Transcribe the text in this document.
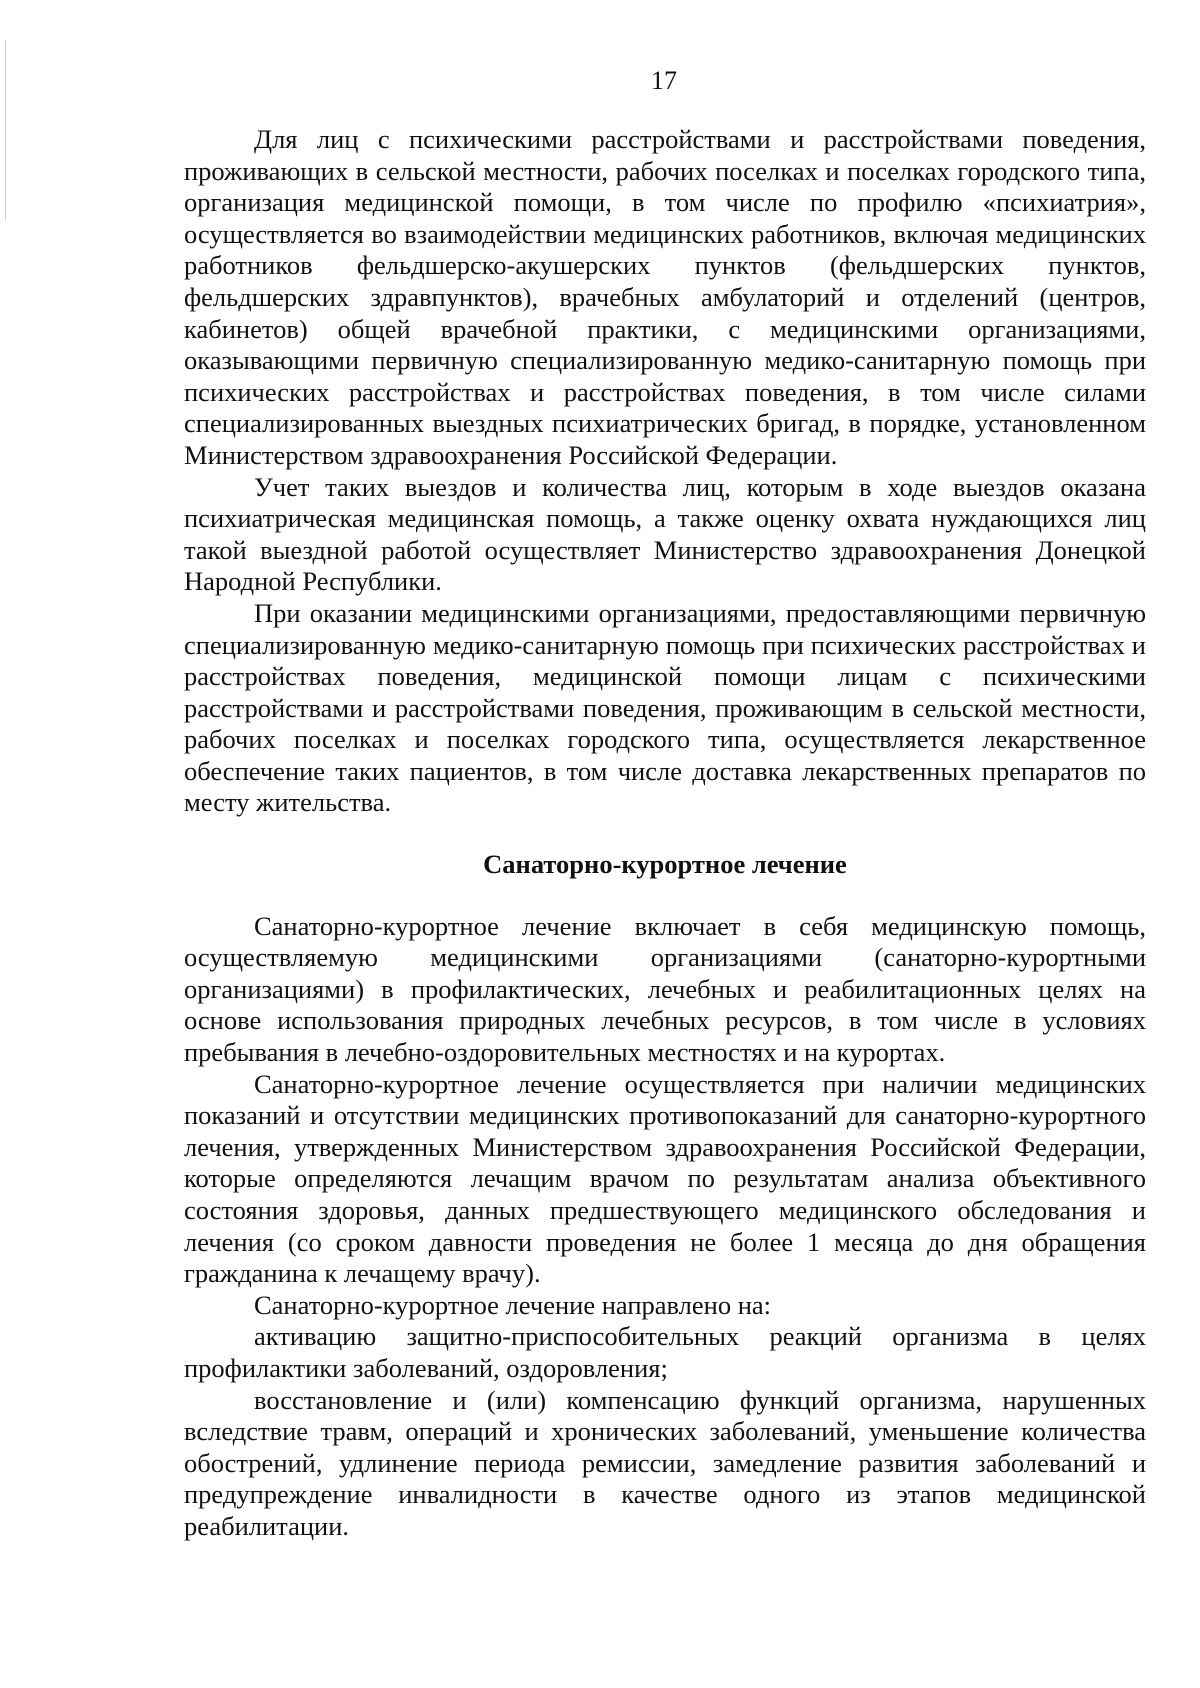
17

Для лиц с психическими расстройствами и расстройствами поведения, проживающих в сельской местности, рабочих поселках и поселках городского типа, организация медицинской помощи, в том числе по профилю «психиатрия», осуществляется во взаимодействии медицинских работников, включая медицинских работников фельдшерско-акушерских пунктов (фельдшерских пунктов, фельдшерских здравпунктов), врачебных амбулаторий и отделений (центров, кабинетов) общей врачебной практики, с медицинскими организациями, оказывающими первичную специализированную медико-санитарную помощь при психических расстройствах и расстройствах поведения, в том числе силами специализированных выездных психиатрических бригад, в порядке, установленном Министерством здравоохранения Российской Федерации.

Учет таких выездов и количества лиц, которым в ходе выездов оказана психиатрическая медицинская помощь, а также оценку охвата нуждающихся лиц такой выездной работой осуществляет Министерство здравоохранения Донецкой Народной Республики.

При оказании медицинскими организациями, предоставляющими первичную специализированную медико-санитарную помощь при психических расстройствах и расстройствах поведения, медицинской помощи лицам с психическими расстройствами и расстройствами поведения, проживающим в сельской местности, рабочих поселках и поселках городского типа, осуществляется лекарственное обеспечение таких пациентов, в том числе доставка лекарственных препаратов по месту жительства.

Санаторно-курортное лечение

Санаторно-курортное лечение включает в себя медицинскую помощь, осуществляемую медицинскими организациями (санаторно-курортными организациями) в профилактических, лечебных и реабилитационных целях на основе использования природных лечебных ресурсов, в том числе в условиях пребывания в лечебно-оздоровительных местностях и на курортах.

Санаторно-курортное лечение осуществляется при наличии медицинских показаний и отсутствии медицинских противопоказаний для санаторно-курортного лечения, утвержденных Министерством здравоохранения Российской Федерации, которые определяются лечащим врачом по результатам анализа объективного состояния здоровья, данных предшествующего медицинского обследования и лечения (со сроком давности проведения не более 1 месяца до дня обращения гражданина к лечащему врачу).

Санаторно-курортное лечение направлено на:

активацию защитно-приспособительных реакций организма в целях профилактики заболеваний, оздоровления;

восстановление и (или) компенсацию функций организма, нарушенных вследствие травм, операций и хронических заболеваний, уменьшение количества обострений, удлинение периода ремиссии, замедление развития заболеваний и предупреждение инвалидности в качестве одного из этапов медицинской реабилитации.
